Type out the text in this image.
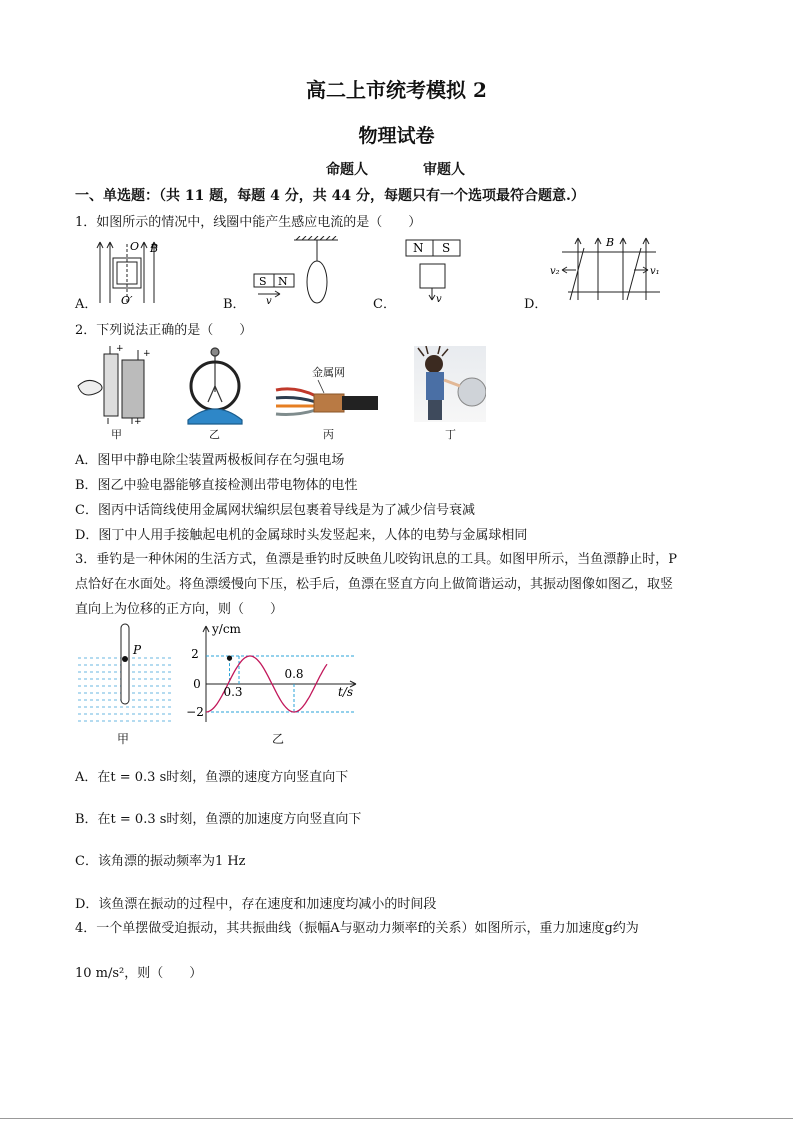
高二上市统考模拟 2
物理试卷
命题人	审题人
一、单选题：（共 11 题，每题 4 分，共 44 分，每题只有一个选项最符合题意.）
1．如图所示的情况中，线圈中能产生感应电流的是（　　）
O B
O′
A．
S N
v
B．
N S
v
C．
B
v₂	v₁
D．
2．下列说法正确的是（　　）
+ +
+
甲	乙
金属网
丙	丁
A．图甲中静电除尘装置两极板间存在匀强电场
B．图乙中验电器能够直接检测出带电物体的电性
C．图丙中话筒线使用金属网状编织层包裹着导线是为了减少信号衰减
D．图丁中人用手接触起电机的金属球时头发竖起来，人体的电势与金属球相同
3．垂钓是一种休闲的生活方式，鱼漂是垂钓时反映鱼儿咬钩讯息的工具。如图甲所示，当鱼漂静止时，P
点恰好在水面处。将鱼漂缓慢向下压，松手后，鱼漂在竖直方向上做简谐运动，其振动图像如图乙，取竖
直向上为位移的正方向，则（　　）
P
甲
y/cm
t/s
2
0
−2
0.3
0.8
乙
A．在t = 0.3 s时刻，鱼漂的速度方向竖直向下
B．在t = 0.3 s时刻，鱼漂的加速度方向竖直向下
C．该角漂的振动频率为1 Hz
D．该鱼漂在振动的过程中，存在速度和加速度均减小的时间段
4．一个单摆做受迫振动，其共振曲线（振幅A与驱动力频率f的关系）如图所示，重力加速度g约为
10 m/s²，则（　　）
